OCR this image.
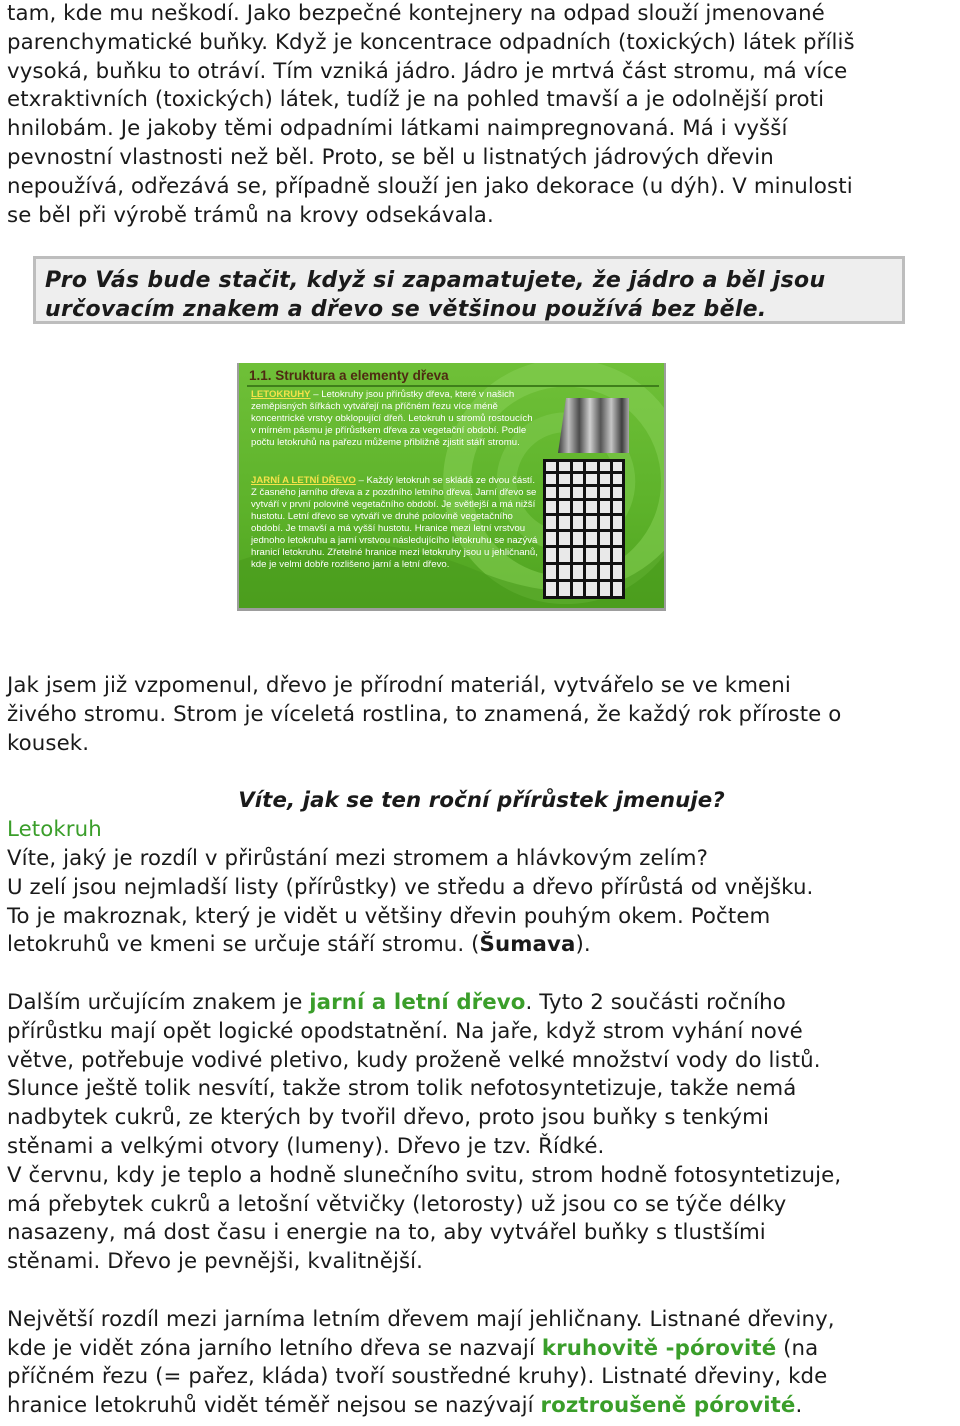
tam, kde mu neškodí. Jako bezpečné kontejnery na odpad slouží jmenované

parenchymatické buňky. Když je koncentrace odpadních (toxických) látek příliš

vysoká, buňku to otráví. Tím vzniká jádro. Jádro je mrtvá část stromu, má více

etxraktivních (toxických) látek, tudíž je na pohled tmavší a je odolnější proti

hnilobám. Je jakoby těmi odpadními látkami naimpregnovaná. Má i vyšší

pevnostní vlastnosti než běl. Proto, se běl u listnatých jádrových dřevin

nepoužívá, odřezává se, případně slouží jen jako dekorace (u dýh). V minulosti

se běl při výrobě trámů na krovy odsekávala.

Pro Vás bude stačit, když si zapamatujete, že jádro a běl jsou

určovacím znakem a dřevo se většinou používá bez běle.

1.1. Struktura a elementy dřeva
LETOKRUHY – Letokruhy jsou přírůstky dřeva, které v našich zeměpisných šířkách vytvářejí na příčném řezu více méně koncentrické vrstvy obklopující dřeň. Letokruh u stromů rostoucích v mírném pásmu je přírůstkem dřeva za vegetační období. Podle počtu letokruhů na pařezu můžeme přibližně zjistit stáří stromu.
JARNÍ A LETNÍ DŘEVO – Každý letokruh se skládá ze dvou částí. Z časného jarního dřeva a z pozdního letního dřeva. Jarní dřevo se vytváří v první polovině vegetačního období. Je světlejší a má nižší hustotu. Letní dřevo se vytváří ve druhé polovině vegetačního období. Je tmavší a má vyšší hustotu. Hranice mezi letní vrstvou jednoho letokruhu a jarní vrstvou následujícího letokruhu se nazývá hranicí letokruhu. Zřetelné hranice mezi letokruhy jsou u jehličnanů, kde je velmi dobře rozlišeno jarní a letní dřevo.

Jak jsem již vzpomenul, dřevo je přírodní materiál, vytvářelo se ve kmeni

živého stromu. Strom je víceletá rostlina, to znamená, že každý rok příroste o

kousek.

Víte, jak se ten roční přírůstek jmenuje?

Letokruh

Víte, jaký je rozdíl v přirůstání mezi stromem a hlávkovým zelím?

U zelí jsou nejmladší listy (přírůstky) ve středu a dřevo přírůstá od vnějšku.

To je makroznak, který je vidět u většiny dřevin pouhým okem. Počtem

letokruhů ve kmeni se určuje stáří stromu. (Šumava).

Dalším určujícím znakem je jarní a letní dřevo. Tyto 2 součásti ročního

přírůstku mají opět logické opodstatnění. Na jaře, když strom vyhání nové

větve, potřebuje vodivé pletivo, kudy proženě velké množství vody do listů.

Slunce ještě tolik nesvítí, takže strom tolik nefotosyntetizuje, takže nemá

nadbytek cukrů, ze kterých by tvořil dřevo, proto jsou buňky s tenkými

stěnami a velkými otvory (lumeny). Dřevo je tzv. Řídké.

V červnu, kdy je teplo a hodně slunečního svitu, strom hodně fotosyntetizuje,

má přebytek cukrů a letošní větvičky (letorosty) už jsou co se týče délky

nasazeny, má dost času i energie na to, aby vytvářel buňky s tlustšími

stěnami. Dřevo je pevnějši, kvalitnější.

Největší rozdíl mezi jarníma letním dřevem mají jehličnany. Listnané dřeviny,

kde je vidět zóna jarního letního dřeva se nazvají kruhovitě -pórovité (na

příčném řezu (= pařez, kláda) tvoří soustředné kruhy). Listnaté dřeviny, kde

hranice letokruhů vidět téměř nejsou se nazývají roztroušeně pórovité.
